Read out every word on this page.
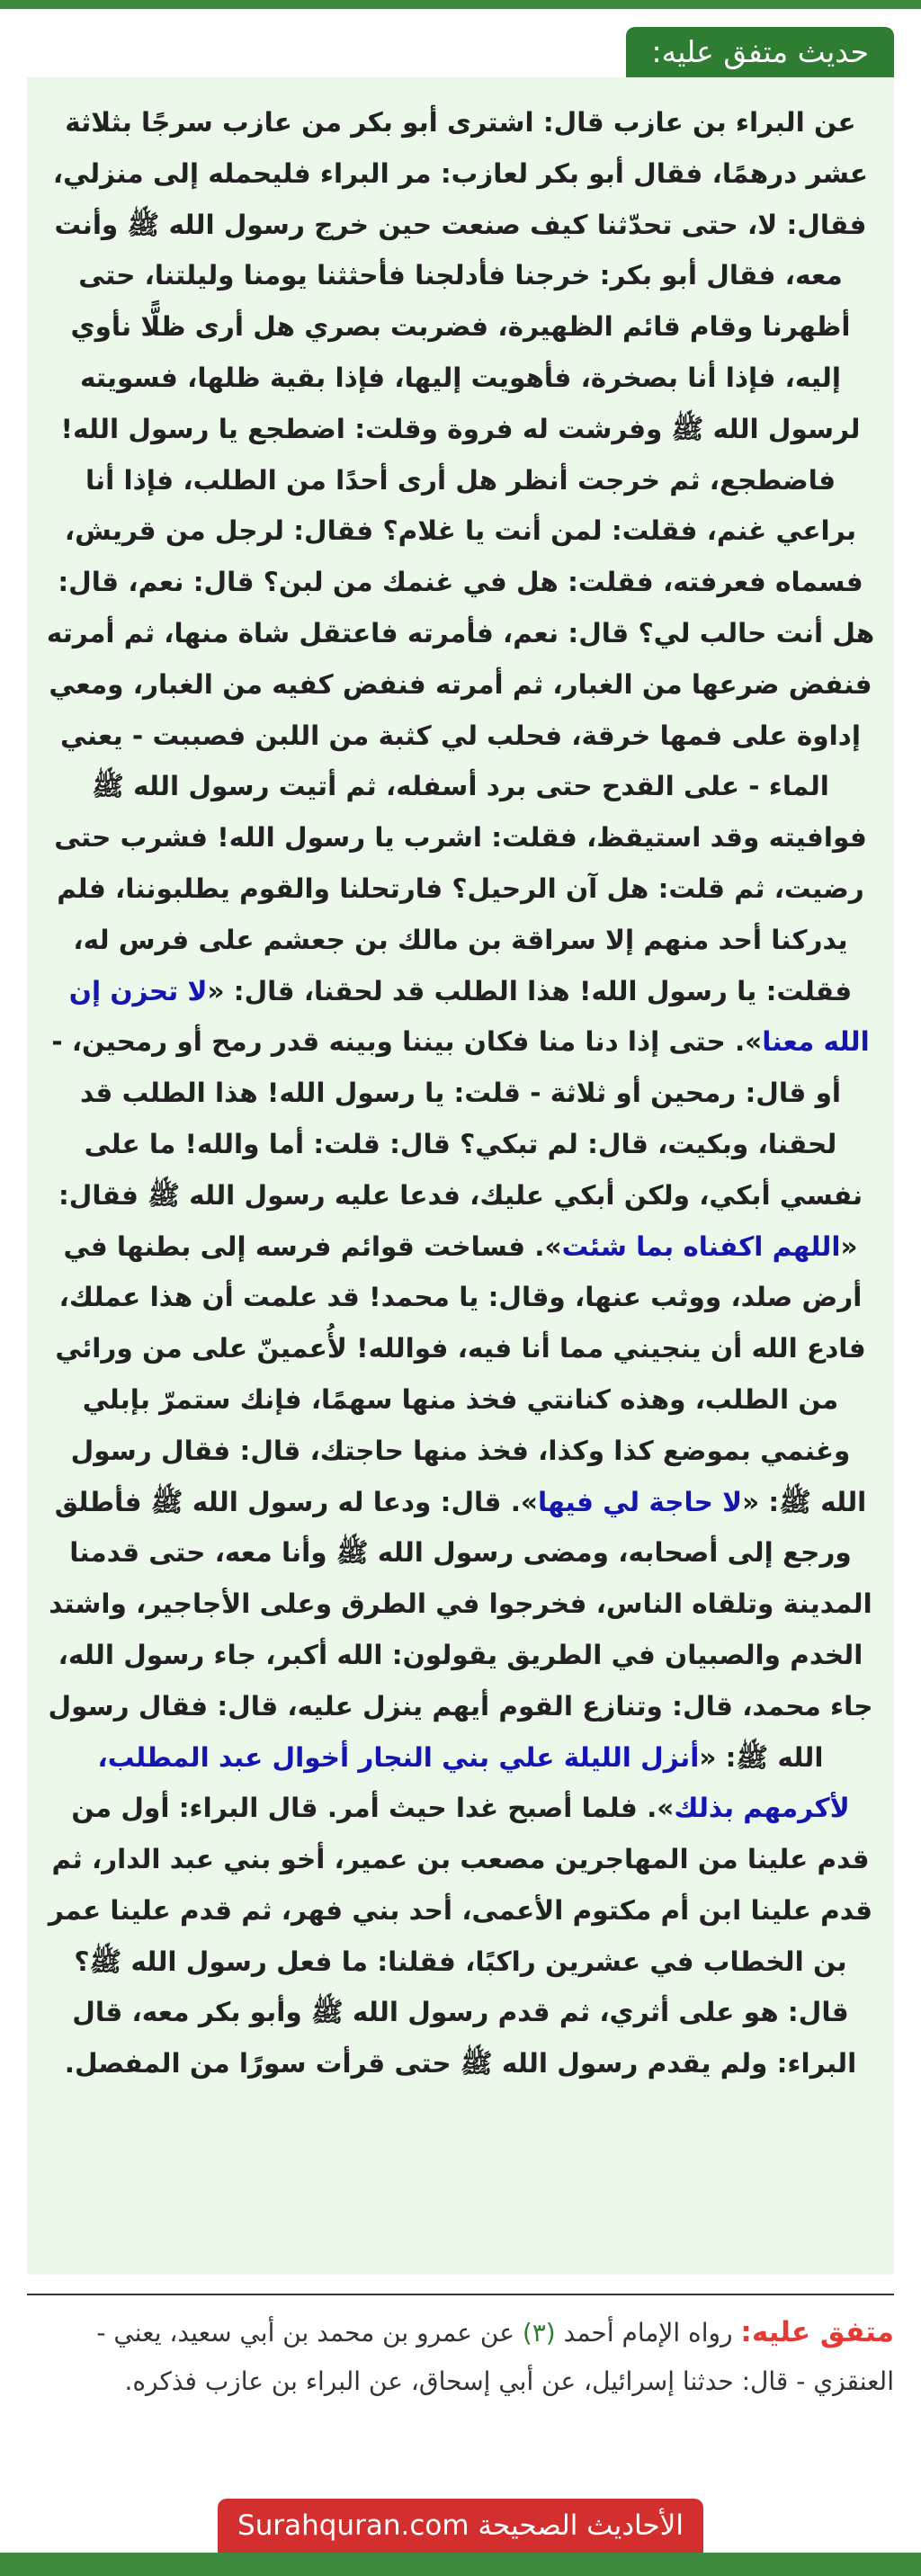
حديث متفق عليه:

عن البراء بن عازب قال: اشترى أبو بكر من عازب سرجًا بثلاثة عشر درهمًا، فقال أبو بكر لعازب: مر البراء فليحمله إلى منزلي، فقال: لا، حتى تحدّثنا كيف صنعت حين خرج رسول الله ﷺ وأنت معه، فقال أبو بكر: خرجنا فأدلجنا فأحثثنا يومنا وليلتنا، حتى أظهرنا وقام قائم الظهيرة، فضربت بصري هل أرى ظلًّا نأوي إليه، فإذا أنا بصخرة، فأهويت إليها، فإذا بقية ظلها، فسويته لرسول الله ﷺ وفرشت له فروة وقلت: اضطجع يا رسول الله! فاضطجع، ثم خرجت أنظر هل أرى أحدًا من الطلب، فإذا أنا براعي غنم، فقلت: لمن أنت يا غلام؟ فقال: لرجل من قريش، فسماه فعرفته، فقلت: هل في غنمك من لبن؟ قال: نعم، قال: هل أنت حالب لي؟ قال: نعم، فأمرته فاعتقل شاة منها، ثم أمرته فنفض ضرعها من الغبار، ثم أمرته فنفض كفيه من الغبار، ومعي إداوة على فمها خرقة، فحلب لي كثبة من اللبن فصببت - يعني الماء - على القدح حتى برد أسفله، ثم أتيت رسول الله ﷺ فوافيته وقد استيقظ، فقلت: اشرب يا رسول الله! فشرب حتى رضيت، ثم قلت: هل آن الرحيل؟ فارتحلنا والقوم يطلبوننا، فلم يدركنا أحد منهم إلا سراقة بن مالك بن جعشم على فرس له، فقلت: يا رسول الله! هذا الطلب قد لحقنا، قال: «لا تحزن إن الله معنا». حتى إذا دنا منا فكان بيننا وبينه قدر رمح أو رمحين، - أو قال: رمحين أو ثلاثة - قلت: يا رسول الله! هذا الطلب قد لحقنا، وبكيت، قال: لم تبكي؟ قال: قلت: أما والله! ما على نفسي أبكي، ولكن أبكي عليك، فدعا عليه رسول الله ﷺ فقال: «اللهم اكفناه بما شئت». فساخت قوائم فرسه إلى بطنها في أرض صلد، ووثب عنها، وقال: يا محمد! قد علمت أن هذا عملك، فادع الله أن ينجيني مما أنا فيه، فوالله! لأُعمينّ على من ورائي من الطلب، وهذه كنانتي فخذ منها سهمًا، فإنك ستمرّ بإبلي وغنمي بموضع كذا وكذا، فخذ منها حاجتك، قال: فقال رسول الله ﷺ: «لا حاجة لي فيها». قال: ودعا له رسول الله ﷺ فأطلق ورجع إلى أصحابه، ومضى رسول الله ﷺ وأنا معه، حتى قدمنا المدينة وتلقاه الناس، فخرجوا في الطرق وعلى الأجاجير، واشتد الخدم والصبيان في الطريق يقولون: الله أكبر، جاء رسول الله، جاء محمد، قال: وتنازع القوم أيهم ينزل عليه، قال: فقال رسول الله ﷺ: «أنزل الليلة علي بني النجار أخوال عبد المطلب، لأكرمهم بذلك». فلما أصبح غدا حيث أمر. قال البراء: أول من قدم علينا من المهاجرين مصعب بن عمير، أخو بني عبد الدار، ثم قدم علينا ابن أم مكتوم الأعمى، أحد بني فهر، ثم قدم علينا عمر بن الخطاب في عشرين راكبًا، فقلنا: ما فعل رسول الله ﷺ؟ قال: هو على أثري، ثم قدم رسول الله ﷺ وأبو بكر معه، قال البراء: ولم يقدم رسول الله ﷺ حتى قرأت سورًا من المفصل.

متفق عليه: رواه الإمام أحمد (٣) عن عمرو بن محمد بن أبي سعيد، يعني - العنقزي - قال: حدثنا إسرائيل، عن أبي إسحاق، عن البراء بن عازب فذكره.

الأحاديث الصحيحة Surahquran.com
